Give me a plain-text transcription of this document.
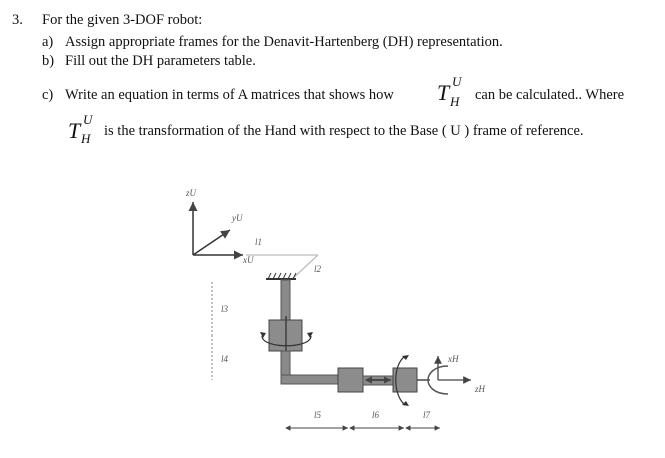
3. For the given 3-DOF robot:
a) Assign appropriate frames for the Denavit-Hartenberg (DH) representation.
b) Fill out the DH parameters table.
c) Write an equation in terms of A matrices that shows how T U
H can be calculated.. Where
T U
H is the transformation of the Hand with respect to the Base ( U ) frame of reference.
zU
yU
xU
l1
l2
xH
zH
l3
l4
l5	l6	l7
